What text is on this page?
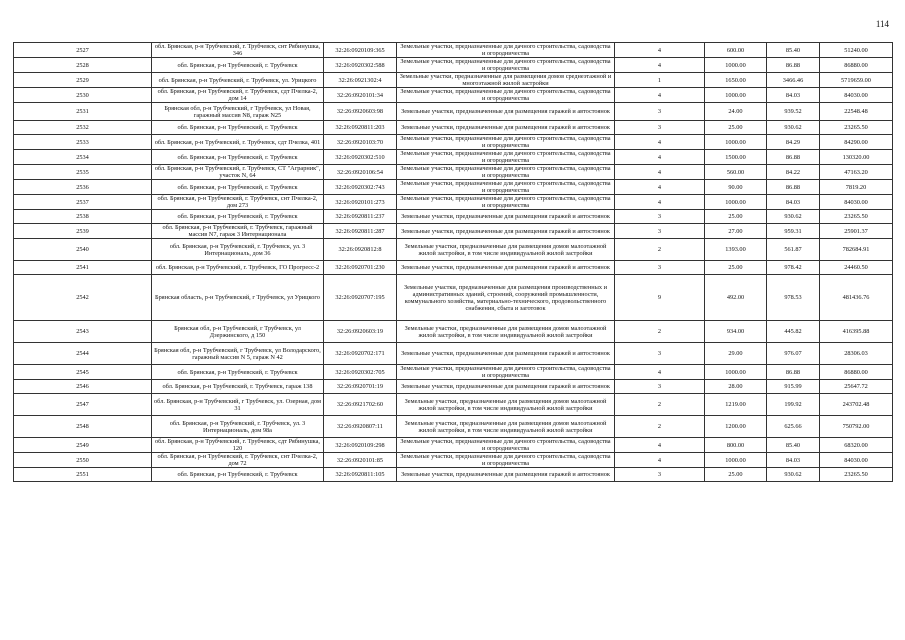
114
2527	обл. Брянская, р-н Трубчевский, г. Трубчевск, снт Рябинушка, 346	32:26:0920109:365	Земельные участки, предназначенные для дачного строительства, садоводства и огородничества	4	600.00	85.40	51240.00
2528	обл. Брянская, р-н Трубчевский, г. Трубчевск	32:26:0920302:588	Земельные участки, предназначенные для дачного строительства, садоводства и огородничества	4	1000.00	86.88	86880.00
2529	обл. Брянская, р-н Трубчевский, г. Трубчевск, ул. Урицкого	32:26:0921302:4	Земельные участки, предназначенные для размещения домов среднеэтажной и многоэтажной жилой застройки	1	1650.00	3466.46	5719659.00
2530	обл. Брянская, р-н Трубчевский, г. Трубчевск, сдт Пчелка-2, дом 14	32:26:0920101:34	Земельные участки, предназначенные для дачного строительства, садоводства и огородничества	4	1000.00	84.03	84030.00
2531	Брянская обл, р-н Трубчевский, г Трубчевск, ул Новая, гаражный массив N8, гараж N25	32:26:0920603:98	Земельные участки, предназначенные для размещения гаражей и автостоянок	3	24.00	939.52	22548.48
2532	обл. Брянская, р-н Трубчевский, г. Трубчевск	32:26:0920811:203	Земельные участки, предназначенные для размещения гаражей и автостоянок	3	25.00	930.62	23265.50
2533	обл. Брянская, р-н Трубчевский, г. Трубчевск, сдт Пчелка, 401	32:26:0920103:70	Земельные участки, предназначенные для дачного строительства, садоводства и огородничества	4	1000.00	84.29	84290.00
2534	обл. Брянская, р-н Трубчевский, г. Трубчевск	32:26:0920302:510	Земельные участки, предназначенные для дачного строительства, садоводства и огородничества	4	1500.00	86.88	130320.00
2535	обл. Брянская, р-н Трубчевский, г. Трубчевск, СТ "Аграрник", участок N, 64	32:26:0920106:54	Земельные участки, предназначенные для дачного строительства, садоводства и огородничества	4	560.00	84.22	47163.20
2536	обл. Брянская, р-н Трубчевский, г. Трубчевск	32:26:0920302:743	Земельные участки, предназначенные для дачного строительства, садоводства и огородничества	4	90.00	86.88	7819.20
2537	обл. Брянская, р-н Трубчевский, г. Трубчевск, снт Пчелка-2, дом 273	32:26:0920101:273	Земельные участки, предназначенные для дачного строительства, садоводства и огородничества	4	1000.00	84.03	84030.00
2538	обл. Брянская, р-н Трубчевский, г. Трубчевск	32:26:0920811:237	Земельные участки, предназначенные для размещения гаражей и автостоянок	3	25.00	930.62	23265.50
2539	обл. Брянская, р-н Трубчевский, г. Трубчевск, гаражный массив N7, гараж 3 Интернационала	32:26:0920811:287	Земельные участки, предназначенные для размещения гаражей и автостоянок	3	27.00	959.31	25901.37
2540	обл. Брянская, р-н Трубчевский, г. Трубчевск, ул. 3 Интернациональ, дом 36	32:26:0920812:8	Земельные участки, предназначенные для размещения домов малоэтажной жилой застройки, в том числе индивидуальной жилой застройки	2	1393.00	561.87	782684.91
2541	обл. Брянская, р-н Трубчевский, г. Трубчевск, ГО Прогресс-2	32:26:0920701:230	Земельные участки, предназначенные для размещения гаражей и автостоянок	3	25.00	978.42	24460.50
2542	Брянская область, р-н Трубчевский, г Трубчевск, ул Урицкого	32:26:0920707:195	Земельные участки, предназначенные для размещения производственных и административных зданий, строений, сооружений промышленности, коммунального хозяйства, материально-технического, продовольственного снабжения, сбыта и заготовок	9	492.00	978.53	481436.76
2543	Брянская обл, р-н Трубчевский, г Трубчевск, ул Дзержинского, д 150	32:26:0920603:19	Земельные участки, предназначенные для размещения домов малоэтажной жилой застройки, в том числе индивидуальной жилой застройки	2	934.00	445.82	416395.88
2544	Брянская обл, р-н Трубчевский, г Трубчевск, ул Володарского, гаражный массив N 5, гараж N 42	32:26:0920702:171	Земельные участки, предназначенные для размещения гаражей и автостоянок	3	29.00	976.07	28306.03
2545	обл. Брянская, р-н Трубчевский, г. Трубчевск	32:26:0920302:705	Земельные участки, предназначенные для дачного строительства, садоводства и огородничества	4	1000.00	86.88	86880.00
2546	обл. Брянская, р-н Трубчевский, г. Трубчевск, гараж 138	32:26:0920701:19	Земельные участки, предназначенные для размещения гаражей и автостоянок	3	28.00	915.99	25647.72
2547	обл. Брянская, р-н Трубчевский, г Трубчевск, ул. Озерная, дом 31	32:26:0921702:60	Земельные участки, предназначенные для размещения домов малоэтажной жилой застройки, в том числе индивидуальной жилой застройки	2	1219.00	199.92	243702.48
2548	обл. Брянская, р-н Трубчевский, г. Трубчевск, ул. 3 Интернациональ, дом 98а	32:26:0920807:11	Земельные участки, предназначенные для размещения домов малоэтажной жилой застройки, в том числе индивидуальной жилой застройки	2	1200.00	625.66	750792.00
2549	обл. Брянская, р-н Трубчевский, г. Трубчевск, сдт Рябинушка, 120	32:26:0920109:298	Земельные участки, предназначенные для дачного строительства, садоводства и огородничества	4	800.00	85.40	68320.00
2550	обл. Брянская, р-н Трубчевский, г. Трубчевск, снт Пчелка-2, дом 72	32:26:0920101:85	Земельные участки, предназначенные для дачного строительства, садоводства и огородничества	4	1000.00	84.03	84030.00
2551	обл. Брянская, р-н Трубчевский, г. Трубчевск	32:26:0920811:105	Земельные участки, предназначенные для размещения гаражей и автостоянок	3	25.00	930.62	23265.50
